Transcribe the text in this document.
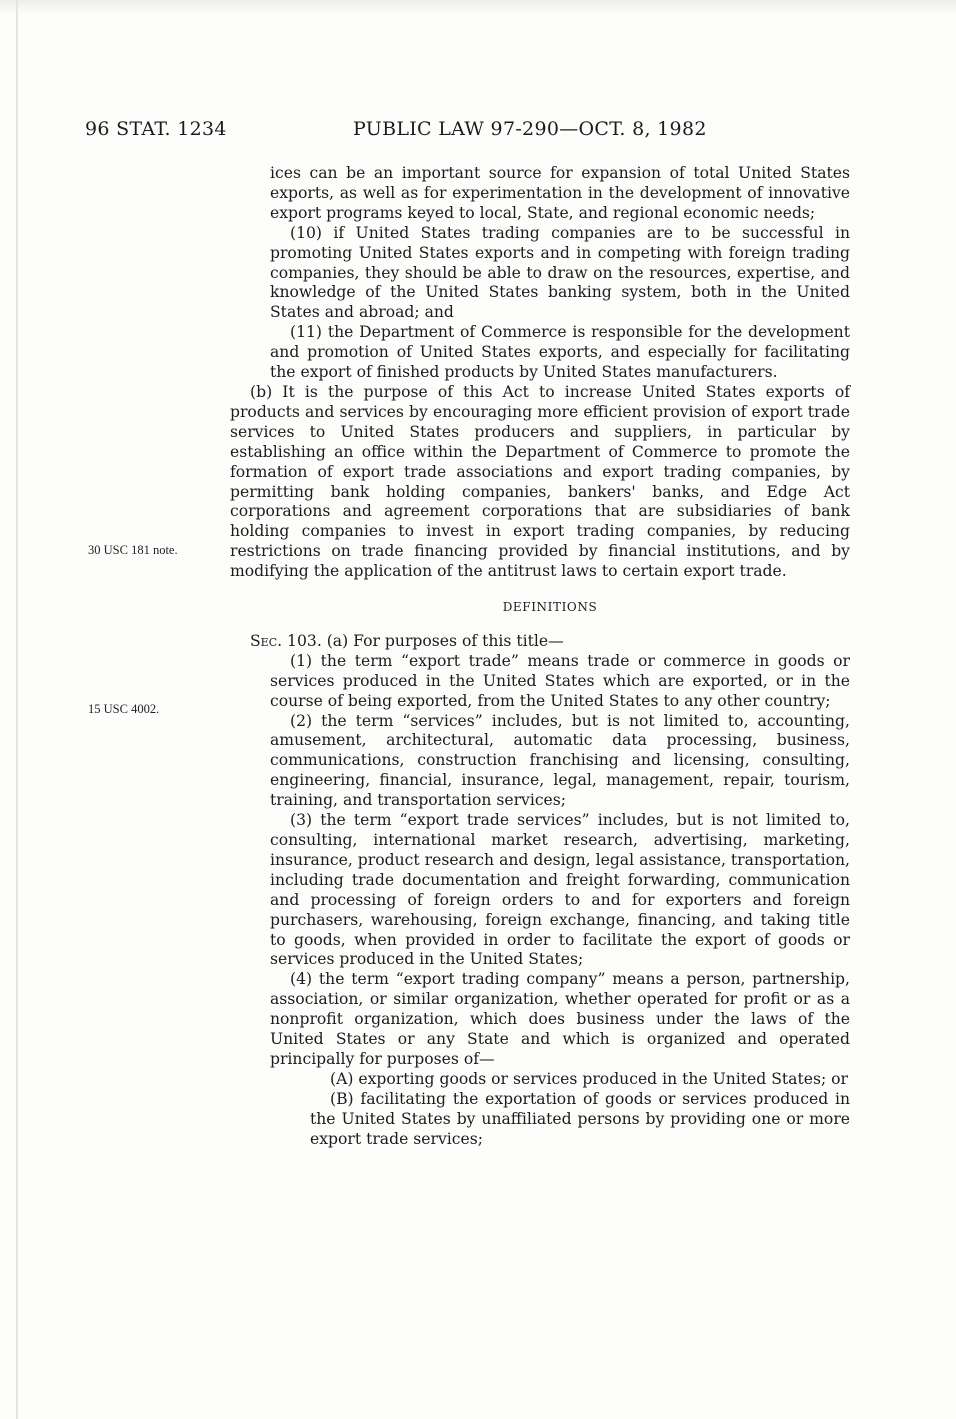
96 STAT. 1234	PUBLIC LAW 97-290—OCT. 8, 1982
30 USC 181 note.
15 USC 4002.

ices can be an important source for expansion of total United States exports, as well as for experimentation in the development of innovative export programs keyed to local, State, and regional economic needs;

(10) if United States trading companies are to be successful in promoting United States exports and in competing with foreign trading companies, they should be able to draw on the resources, expertise, and knowledge of the United States banking system, both in the United States and abroad; and

(11) the Department of Commerce is responsible for the development and promotion of United States exports, and especially for facilitating the export of finished products by United States manufacturers.

(b) It is the purpose of this Act to increase United States exports of products and services by encouraging more efficient provision of export trade services to United States producers and suppliers, in particular by establishing an office within the Department of Commerce to promote the formation of export trade associations and export trading companies, by permitting bank holding companies, bankers' banks, and Edge Act corporations and agreement corporations that are subsidiaries of bank holding companies to invest in export trading companies, by reducing restrictions on trade financing provided by financial institutions, and by modifying the application of the antitrust laws to certain export trade.

DEFINITIONS

Sec. 103. (a) For purposes of this title—

(1) the term “export trade” means trade or commerce in goods or services produced in the United States which are exported, or in the course of being exported, from the United States to any other country;

(2) the term “services” includes, but is not limited to, accounting, amusement, architectural, automatic data processing, business, communications, construction franchising and licensing, consulting, engineering, financial, insurance, legal, management, repair, tourism, training, and transportation services;

(3) the term “export trade services” includes, but is not limited to, consulting, international market research, advertising, marketing, insurance, product research and design, legal assistance, transportation, including trade documentation and freight forwarding, communication and processing of foreign orders to and for exporters and foreign purchasers, warehousing, foreign exchange, financing, and taking title to goods, when provided in order to facilitate the export of goods or services produced in the United States;

(4) the term “export trading company” means a person, partnership, association, or similar organization, whether operated for profit or as a nonprofit organization, which does business under the laws of the United States or any State and which is organized and operated principally for purposes of—

(A) exporting goods or services produced in the United States; or

(B) facilitating the exportation of goods or services produced in the United States by unaffiliated persons by providing one or more export trade services;
